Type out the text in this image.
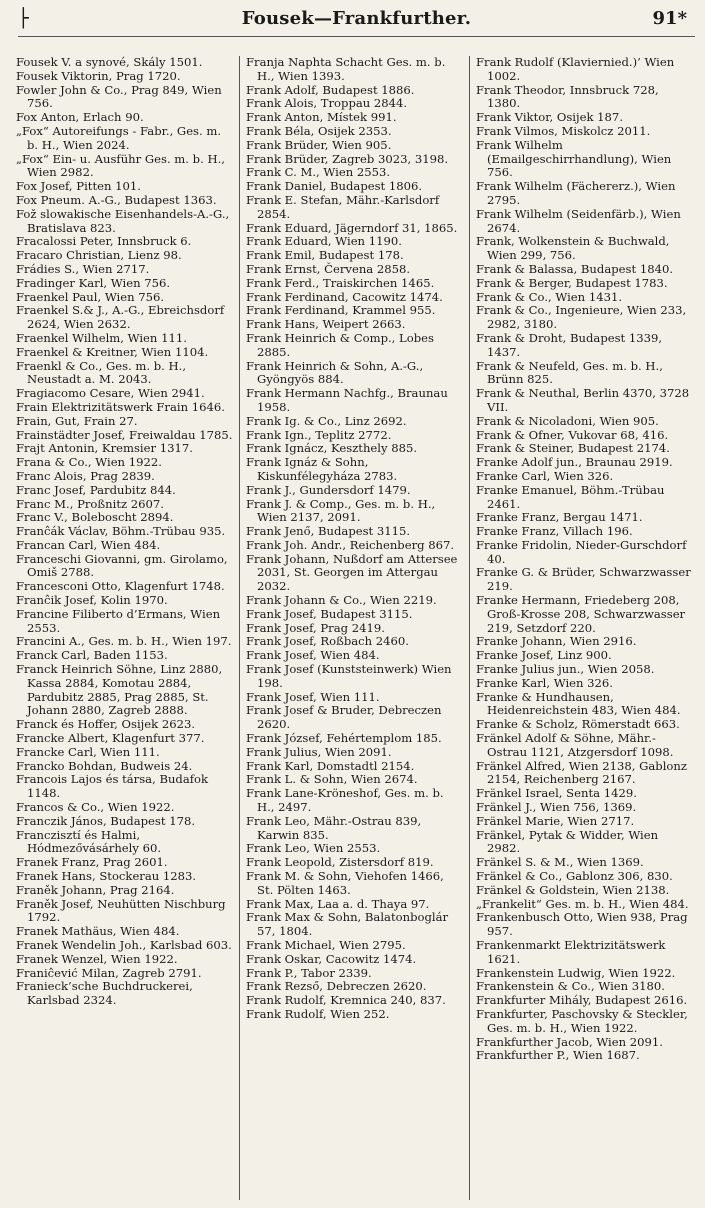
├	Fousek—Frankfurther.	91*
Fousek V. a synové, Skály 1501.
Fousek Viktorin, Prag 1720.
Fowler John & Co., Prag 849, Wien 756.
Fox Anton, Erlach 90.
„Fox“ Autoreifungs - Fabr., Ges. m. b. H., Wien 2024.
„Fox“ Ein- u. Ausführ Ges. m. b. H., Wien 2982.
Fox Josef, Pitten 101.
Fox Pneum. A.-G., Budapest 1363.
Fož slowakische Eisenhandels-A.-G., Bratislava 823.
Fracalossi Peter, Innsbruck 6.
Fracaro Christian, Lienz 98.
Frádies S., Wien 2717.
Fradinger Karl, Wien 756.
Fraenkel Paul, Wien 756.
Fraenkel S.& J., A.-G., Ebreichsdorf 2624, Wien 2632.
Fraenkel Wilhelm, Wien 111.
Fraenkel & Kreitner, Wien 1104.
Fraenkl & Co., Ges. m. b. H., Neustadt a. M. 2043.
Fragiacomo Cesare, Wien 2941.
Frain Elektrizitätswerk Frain 1646.
Frain, Gut, Frain 27.
Frainstädter Josef, Freiwaldau 1785.
Frajt Antonin, Kremsier 1317.
Frana & Co., Wien 1922.
Franc Alois, Prag 2839.
Franc Josef, Pardubitz 844.
Franc M., Proßnitz 2607.
Franc V., Boleboscht 2894.
Franĉák Václav, Böhm.-Trübau 935.
Francan Carl, Wien 484.
Franceschi Giovanni, gm. Girolamo, Omiš 2788.
Francesconi Otto, Klagenfurt 1748.
Franĉik Josef, Kolin 1970.
Francine Filiberto d’Ermans, Wien 2553.
Francini A., Ges. m. b. H., Wien 197.
Franck Carl, Baden 1153.
Franck Heinrich Söhne, Linz 2880, Kassa 2884, Komotau 2884, Pardubitz 2885, Prag 2885, St. Johann 2880, Zagreb 2888.
Franck és Hoffer, Osijek 2623.
Francke Albert, Klagenfurt 377.
Francke Carl, Wien 111.
Francko Bohdan, Budweis 24.
Francois Lajos és társa, Budafok 1148.
Francos & Co., Wien 1922.
Franczik János, Budapest 178.
Franczisztí és Halmi, Hódmezővásárhely 60.
Franek Franz, Prag 2601.
Franek Hans, Stockerau 1283.
Franěk Johann, Prag 2164.
Franěk Josef, Neuhütten Nischburg 1792.
Franek Mathäus, Wien 484.
Franek Wendelin Joh., Karlsbad 603.
Franek Wenzel, Wien 1922.
Franiĉević Milan, Zagreb 2791.
Franieck’sche Buchdruckerei, Karlsbad 2324.
Franja Naphta Schacht Ges. m. b. H., Wien 1393.
Frank Adolf, Budapest 1886.
Frank Alois, Troppau 2844.
Frank Anton, Místek 991.
Frank Béla, Osijek 2353.
Frank Brüder, Wien 905.
Frank Brüder, Zagreb 3023, 3198.
Frank C. M., Wien 2553.
Frank Daniel, Budapest 1806.
Frank E. Stefan, Mähr.-Karlsdorf 2854.
Frank Eduard, Jägerndorf 31, 1865.
Frank Eduard, Wien 1190.
Frank Emil, Budapest 178.
Frank Ernst, Červena 2858.
Frank Ferd., Traiskirchen 1465.
Frank Ferdinand, Cacowitz 1474.
Frank Ferdinand, Krammel 955.
Frank Hans, Weipert 2663.
Frank Heinrich & Comp., Lobes 2885.
Frank Heinrich & Sohn, A.-G., Gyöngyös 884.
Frank Hermann Nachfg., Braunau 1958.
Frank Ig. & Co., Linz 2692.
Frank Ign., Teplitz 2772.
Frank Ignácz, Keszthely 885.
Frank Ignáz & Sohn, Kiskunfélegyháza 2783.
Frank J., Gundersdorf 1479.
Frank J. & Comp., Ges. m. b. H., Wien 2137, 2091.
Frank Jenő, Budapest 3115.
Frank Joh. Andr., Reichenberg 867.
Frank Johann, Nußdorf am Attersee 2031, St. Georgen im Attergau 2032.
Frank Johann & Co., Wien 2219.
Frank Josef, Budapest 3115.
Frank Josef, Prag 2419.
Frank Josef, Roßbach 2460.
Frank Josef, Wien 484.
Frank Josef (Kunststeinwerk) Wien 198.
Frank Josef, Wien 111.
Frank Josef & Bruder, Debreczen 2620.
Frank József, Fehértemplom 185.
Frank Julius, Wien 2091.
Frank Karl, Domstadtl 2154.
Frank L. & Sohn, Wien 2674.
Frank Lane-Kröneshof, Ges. m. b. H., 2497.
Frank Leo, Mähr.-Ostrau 839, Karwin 835.
Frank Leo, Wien 2553.
Frank Leopold, Zistersdorf 819.
Frank M. & Sohn, Viehofen 1466, St. Pölten 1463.
Frank Max, Laa a. d. Thaya 97.
Frank Max & Sohn, Balatonboglár 57, 1804.
Frank Michael, Wien 2795.
Frank Oskar, Cacowitz 1474.
Frank P., Tabor 2339.
Frank Rezső, Debreczen 2620.
Frank Rudolf, Kremnica 240, 837.
Frank Rudolf, Wien 252.
Frank Rudolf (Klaviernied.)’ Wien 1002.
Frank Theodor, Innsbruck 728, 1380.
Frank Viktor, Osijek 187.
Frank Vilmos, Miskolcz 2011.
Frank Wilhelm (Emailgeschirrhandlung), Wien 756.
Frank Wilhelm (Fächererz.), Wien 2795.
Frank Wilhelm (Seidenfärb.), Wien 2674.
Frank, Wolkenstein & Buchwald, Wien 299, 756.
Frank & Balassa, Budapest 1840.
Frank & Berger, Budapest 1783.
Frank & Co., Wien 1431.
Frank & Co., Ingenieure, Wien 233, 2982, 3180.
Frank & Droht, Budapest 1339, 1437.
Frank & Neufeld, Ges. m. b. H., Brünn 825.
Frank & Neuthal, Berlin 4370, 3728 VII.
Frank & Nicoladoni, Wien 905.
Frank & Ofner, Vukovar 68, 416.
Frank & Steiner, Budapest 2174.
Franke Adolf jun., Braunau 2919.
Franke Carl, Wien 326.
Franke Emanuel, Böhm.-Trübau 2461.
Franke Franz, Bergau 1471.
Franke Franz, Villach 196.
Franke Fridolin, Nieder-Gurschdorf 40.
Franke G. & Brüder, Schwarzwasser 219.
Franke Hermann, Friedeberg 208, Groß-Krosse 208, Schwarzwasser 219, Setzdorf 220.
Franke Johann, Wien 2916.
Franke Josef, Linz 900.
Franke Julius jun., Wien 2058.
Franke Karl, Wien 326.
Franke & Hundhausen, Heidenreichstein 483, Wien 484.
Franke & Scholz, Römerstadt 663.
Fränkel Adolf & Söhne, Mähr.-Ostrau 1121, Atzgersdorf 1098.
Fränkel Alfred, Wien 2138, Gablonz 2154, Reichenberg 2167.
Fränkel Israel, Senta 1429.
Fränkel J., Wien 756, 1369.
Fränkel Marie, Wien 2717.
Fränkel, Pytak & Widder, Wien 2982.
Fränkel S. & M., Wien 1369.
Fränkel & Co., Gablonz 306, 830.
Fränkel & Goldstein, Wien 2138.
„Frankelit“ Ges. m. b. H., Wien 484.
Frankenbusch Otto, Wien 938, Prag 957.
Frankenmarkt Elektrizitätswerk 1621.
Frankenstein Ludwig, Wien 1922.
Frankenstein & Co., Wien 3180.
Frankfurter Mihály, Budapest 2616.
Frankfurter, Paschovsky & Steckler, Ges. m. b. H., Wien 1922.
Frankfurther Jacob, Wien 2091.
Frankfurther P., Wien 1687.
